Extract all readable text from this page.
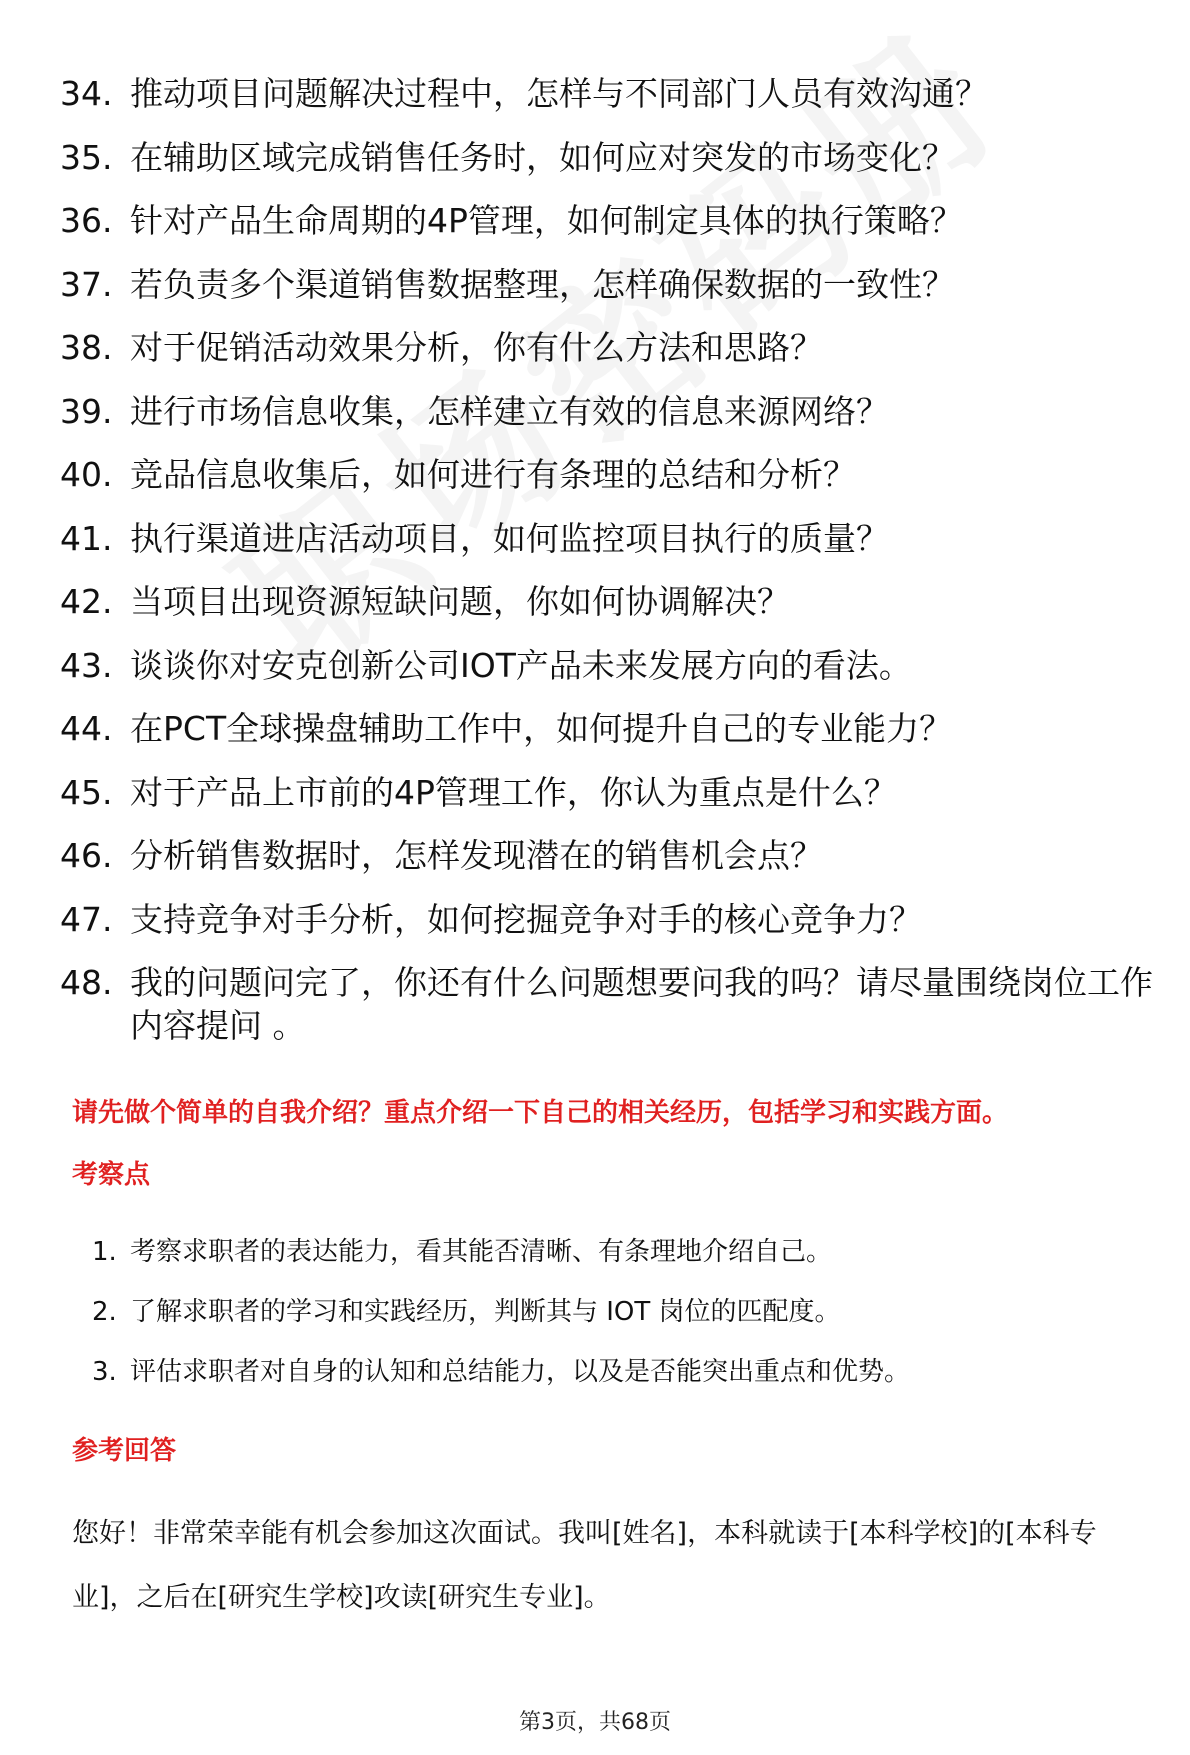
34. 推动项目问题解决过程中，怎样与不同部门人员有效沟通？
35. 在辅助区域完成销售任务时，如何应对突发的市场变化？
36. 针对产品生命周期的4P管理，如何制定具体的执行策略？
37. 若负责多个渠道销售数据整理，怎样确保数据的一致性？
38. 对于促销活动效果分析，你有什么方法和思路？
39. 进行市场信息收集，怎样建立有效的信息来源网络？
40. 竞品信息收集后，如何进行有条理的总结和分析？
41. 执行渠道进店活动项目，如何监控项目执行的质量？
42. 当项目出现资源短缺问题，你如何协调解决？
43. 谈谈你对安克创新公司IOT产品未来发展方向的看法。
44. 在PCT全球操盘辅助工作中，如何提升自己的专业能力？
45. 对于产品上市前的4P管理工作，你认为重点是什么？
46. 分析销售数据时，怎样发现潜在的销售机会点？
47. 支持竞争对手分析，如何挖掘竞争对手的核心竞争力？
48. 我的问题问完了，你还有什么问题想要问我的吗？请尽量围绕岗位工作内容提问 。
请先做个简单的自我介绍？重点介绍一下自己的相关经历，包括学习和实践方面。
考察点
1. 考察求职者的表达能力，看其能否清晰、有条理地介绍自己。
2. 了解求职者的学习和实践经历，判断其与 IOT 岗位的匹配度。
3. 评估求职者对自身的认知和总结能力，以及是否能突出重点和优势。
参考回答
您好！非常荣幸能有机会参加这次面试。我叫[姓名]，本科就读于[本科学校]的[本科专业]，之后在[研究生学校]攻读[研究生专业]。
第3页，共68页
